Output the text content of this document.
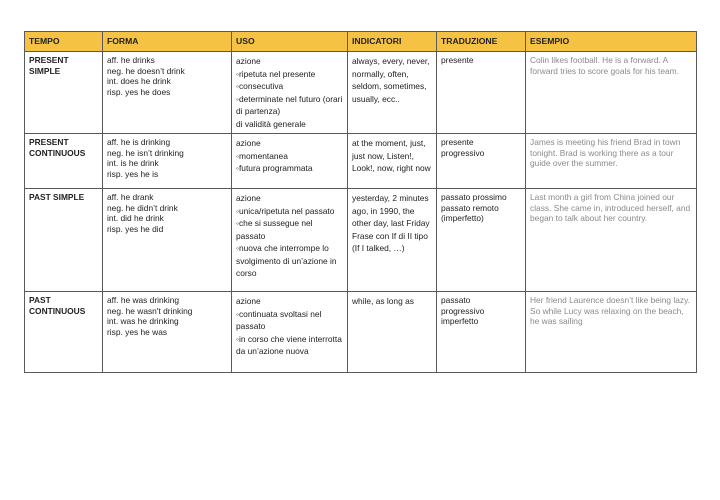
TEMPO	FORMA	USO	INDICATORI	TRADUZIONE	ESEMPIO

PRESENT
SIMPLE	aff. he drinks
neg. he doesn’t drink
int. does he drink
risp. yes he does	azione
◦ripetuta nel presente
◦consecutiva
◦determinate nel futuro (orari di partenza)
di validità generale	always, every, never, normally, often, seldom, sometimes, usually, ecc..	presente	Colin likes football. He is a forward. A forward tries to score goals for his team.

PRESENT
CONTINUOUS	aff. he is drinking
neg. he isn’t drinking
int. is he drink
risp. yes he is	azione
◦momentanea
◦futura programmata	at the moment, just, just now, Listen!, Look!, now, right now	presente
progressivo	James is meeting his friend Brad in town tonight. Brad is working there as a tour guide over the summer.

PAST SIMPLE	aff. he drank
neg. he didn’t drink
int. did he drink
risp. yes he did	azione
◦unica/ripetuta nel passato
◦che si sussegue nel passato
◦nuova che interrompe lo svolgimento di un’azione in corso	yesterday, 2 minutes ago, in 1990, the other day, last Friday Frase con If di II tipo (If I talked, …)	passato prossimo
passato remoto
(imperfetto)	Last month a girl from China joined our class. She came in, introduced herself, and began to talk about her country.

PAST
CONTINUOUS	aff. he was drinking
neg. he wasn't drinking
int. was he drinking
risp. yes he was	azione
◦continuata svoltasi nel passato
◦in corso che viene interrotta da un’azione nuova	while, as long as	passato
progressivo
imperfetto	Her friend Laurence doesn’t like being lazy. So while Lucy was relaxing on the beach, he was sailing
